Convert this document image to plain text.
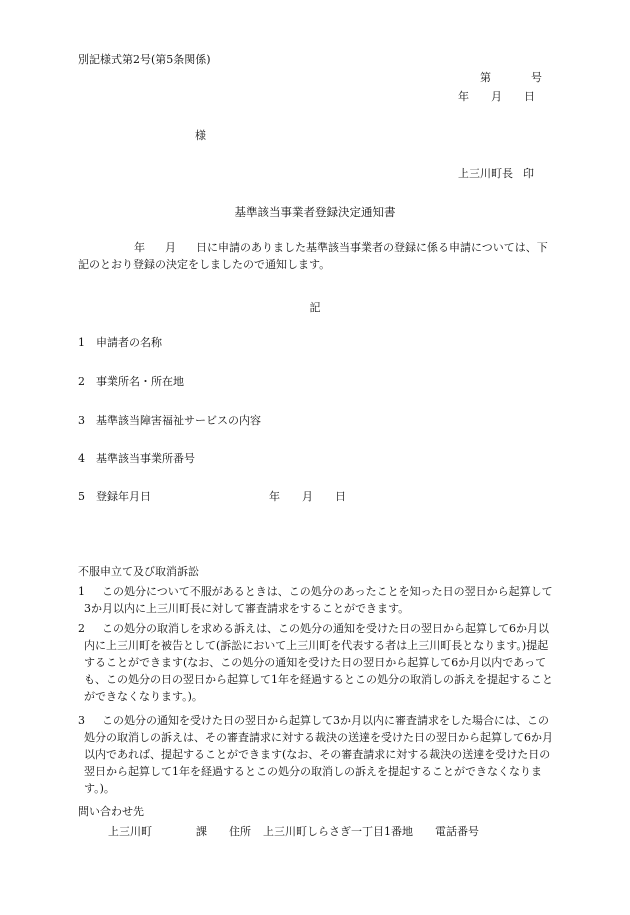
別記様式第2号(第5条関係)
第	号
年 月 日
様
上三川町長 印
基準該当事業者登録決定通知書
年 月 日に申請のありました基準該当事業者の登録に係る申請については、下記のとおり登録の決定をしましたので通知します。
記
1 申請者の名称
2 事業所名・所在地
3 基準該当障害福祉サービスの内容
4 基準該当事業所番号
5 登録年月日	年 月 日
不服申立て及び取消訴訟
1	この処分について不服があるときは、この処分のあったことを知った日の翌日から起算して3か月以内に上三川町長に対して審査請求をすることができます。
2	この処分の取消しを求める訴えは、この処分の通知を受けた日の翌日から起算して6か月以内に上三川町を被告として(訴訟において上三川町を代表する者は上三川町長となります。)提起することができます(なお、この処分の通知を受けた日の翌日から起算して6か月以内であっても、この処分の日の翌日から起算して1年を経過するとこの処分の取消しの訴えを提起することができなくなります。)。
3	この処分の通知を受けた日の翌日から起算して3か月以内に審査請求をした場合には、この処分の取消しの訴えは、その審査請求に対する裁決の送達を受けた日の翌日から起算して6か月以内であれば、提起することができます(なお、その審査請求に対する裁決の送達を受けた日の翌日から起算して1年を経過するとこの処分の取消しの訴えを提起することができなくなります。)。
問い合わせ先
上三川町	課 住所 上三川町しらさぎ一丁目1番地 電話番号
